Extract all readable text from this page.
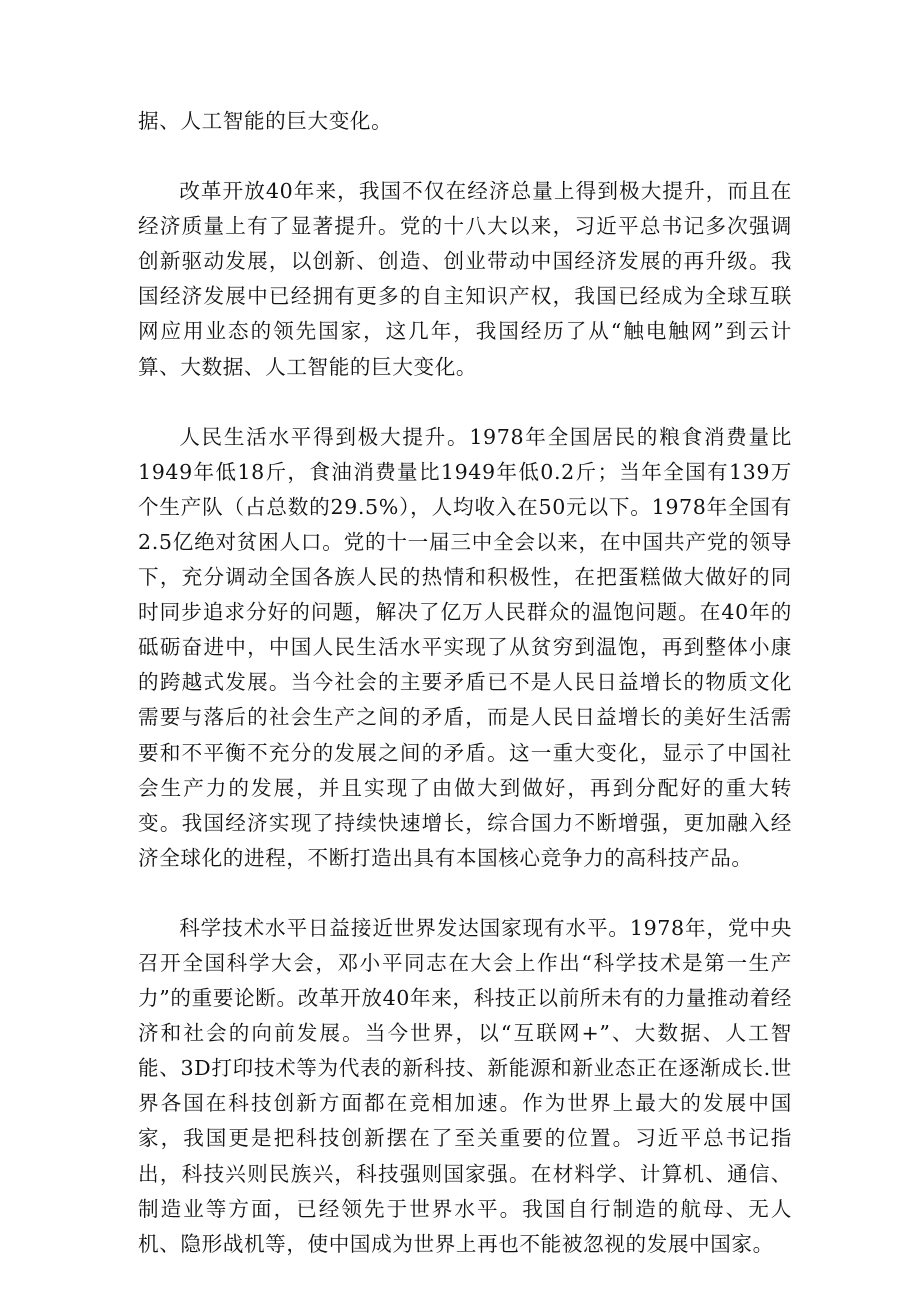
据、人工智能的巨大变化。

改革开放40年来，我国不仅在经济总量上得到极大提升，而且在经济质量上有了显著提升。党的十八大以来，习近平总书记多次强调创新驱动发展，以创新、创造、创业带动中国经济发展的再升级。我国经济发展中已经拥有更多的自主知识产权，我国已经成为全球互联网应用业态的领先国家，这几年，我国经历了从“触电触网”到云计算、大数据、人工智能的巨大变化。

人民生活水平得到极大提升。1978年全国居民的粮食消费量比1949年低18斤，食油消费量比1949年低0.2斤；当年全国有139万个生产队（占总数的29.5%），人均收入在50元以下。1978年全国有2.5亿绝对贫困人口。党的十一届三中全会以来，在中国共产党的领导下，充分调动全国各族人民的热情和积极性，在把蛋糕做大做好的同时同步追求分好的问题，解决了亿万人民群众的温饱问题。在40年的砥砺奋进中，中国人民生活水平实现了从贫穷到温饱，再到整体小康的跨越式发展。当今社会的主要矛盾已不是人民日益增长的物质文化需要与落后的社会生产之间的矛盾，而是人民日益增长的美好生活需要和不平衡不充分的发展之间的矛盾。这一重大变化，显示了中国社会生产力的发展，并且实现了由做大到做好，再到分配好的重大转变。我国经济实现了持续快速增长，综合国力不断增强，更加融入经济全球化的进程，不断打造出具有本国核心竞争力的高科技产品。

科学技术水平日益接近世界发达国家现有水平。1978年，党中央召开全国科学大会，邓小平同志在大会上作出“科学技术是第一生产力”的重要论断。改革开放40年来，科技正以前所未有的力量推动着经济和社会的向前发展。当今世界，以“互联网+”、大数据、人工智能、3D打印技术等为代表的新科技、新能源和新业态正在逐渐成长.世界各国在科技创新方面都在竞相加速。作为世界上最大的发展中国家，我国更是把科技创新摆在了至关重要的位置。习近平总书记指出，科技兴则民族兴，科技强则国家强。在材料学、计算机、通信、制造业等方面，已经领先于世界水平。我国自行制造的航母、无人机、隐形战机等，使中国成为世界上再也不能被忽视的发展中国家。
